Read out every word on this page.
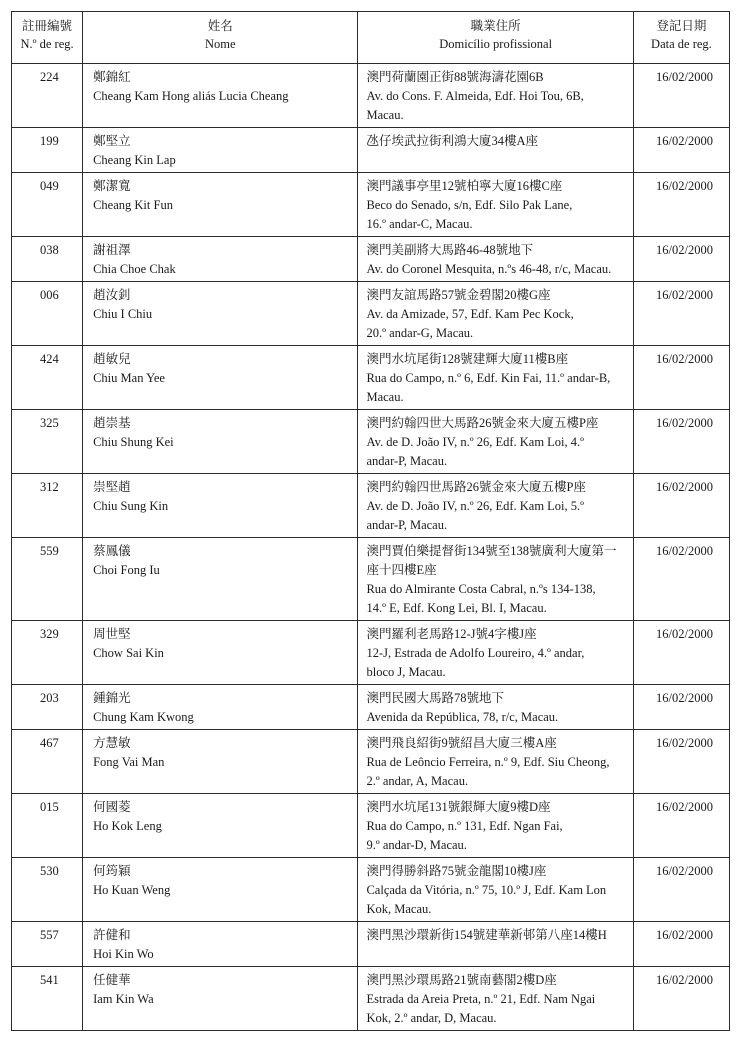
註冊編號
N.º de reg.	姓名
Nome	職業住所
Domicílio profissional	登記日期
Data de reg.

224	鄭錦紅
Cheang Kam Hong aliás Lucia Cheang	澳門荷蘭園正街88號海濤花園6B
Av. do Cons. F. Almeida, Edf. Hoi Tou, 6B,
Macau.	16/02/2000
199	鄭堅立
Cheang Kin Lap	氹仔埃武拉街利鴻大廈34樓A座	16/02/2000
049	鄭潔寬
Cheang Kit Fun	澳門議事亭里12號柏寧大廈16樓C座
Beco do Senado, s/n, Edf. Silo Pak Lane,
16.º andar-C, Macau.	16/02/2000
038	謝祖澤
Chia Choe Chak	澳門美副將大馬路46-48號地下
Av. do Coronel Mesquita, n.ºs 46-48, r/c, Macau.	16/02/2000
006	趙汝釗
Chiu I Chiu	澳門友誼馬路57號金碧閣20樓G座
Av. da Amizade, 57, Edf. Kam Pec Kock,
20.º andar-G, Macau.	16/02/2000
424	趙敏兒
Chiu Man Yee	澳門水坑尾街128號建輝大廈11樓B座
Rua do Campo, n.º 6, Edf. Kin Fai, 11.º andar-B,
Macau.	16/02/2000
325	趙崇基
Chiu Shung Kei	澳門約翰四世大馬路26號金來大廈五樓P座
Av. de D. João IV, n.º 26, Edf. Kam Loi, 4.º
andar-P, Macau.	16/02/2000
312	崇堅趙
Chiu Sung Kin	澳門約翰四世馬路26號金來大廈五樓P座
Av. de D. João IV, n.º 26, Edf. Kam Loi, 5.º
andar-P, Macau.	16/02/2000
559	蔡鳳儀
Choi Fong Iu	澳門賈伯樂提督街134號至138號廣利大廈第一
座十四樓E座
Rua do Almirante Costa Cabral, n.ºs 134-138,
14.º E, Edf. Kong Lei, Bl. I, Macau.	16/02/2000
329	周世堅
Chow Sai Kin	澳門羅利老馬路12-J號4字樓J座
12-J, Estrada de Adolfo Loureiro, 4.º andar,
bloco J, Macau.	16/02/2000
203	鍾錦光
Chung Kam Kwong	澳門民國大馬路78號地下
Avenida da República, 78, r/c, Macau.	16/02/2000
467	方慧敏
Fong Vai Man	澳門飛良紹街9號紹昌大廈三樓A座
Rua de Leôncio Ferreira, n.º 9, Edf. Siu Cheong,
2.º andar, A, Macau.	16/02/2000
015	何國菱
Ho Kok Leng	澳門水坑尾131號銀輝大廈9樓D座
Rua do Campo, n.º 131, Edf. Ngan Fai,
9.º andar-D, Macau.	16/02/2000
530	何筠穎
Ho Kuan Weng	澳門得勝斜路75號金龍閣10樓J座
Calçada da Vitória, n.º 75, 10.º J, Edf. Kam Lon
Kok, Macau.	16/02/2000
557	許健和
Hoi Kin Wo	澳門黑沙環新街154號建華新邨第八座14樓H	16/02/2000
541	任健華
Iam Kin Wa	澳門黑沙環馬路21號南藝閣2樓D座
Estrada da Areia Preta, n.º 21, Edf. Nam Ngai
Kok, 2.º andar, D, Macau.	16/02/2000
